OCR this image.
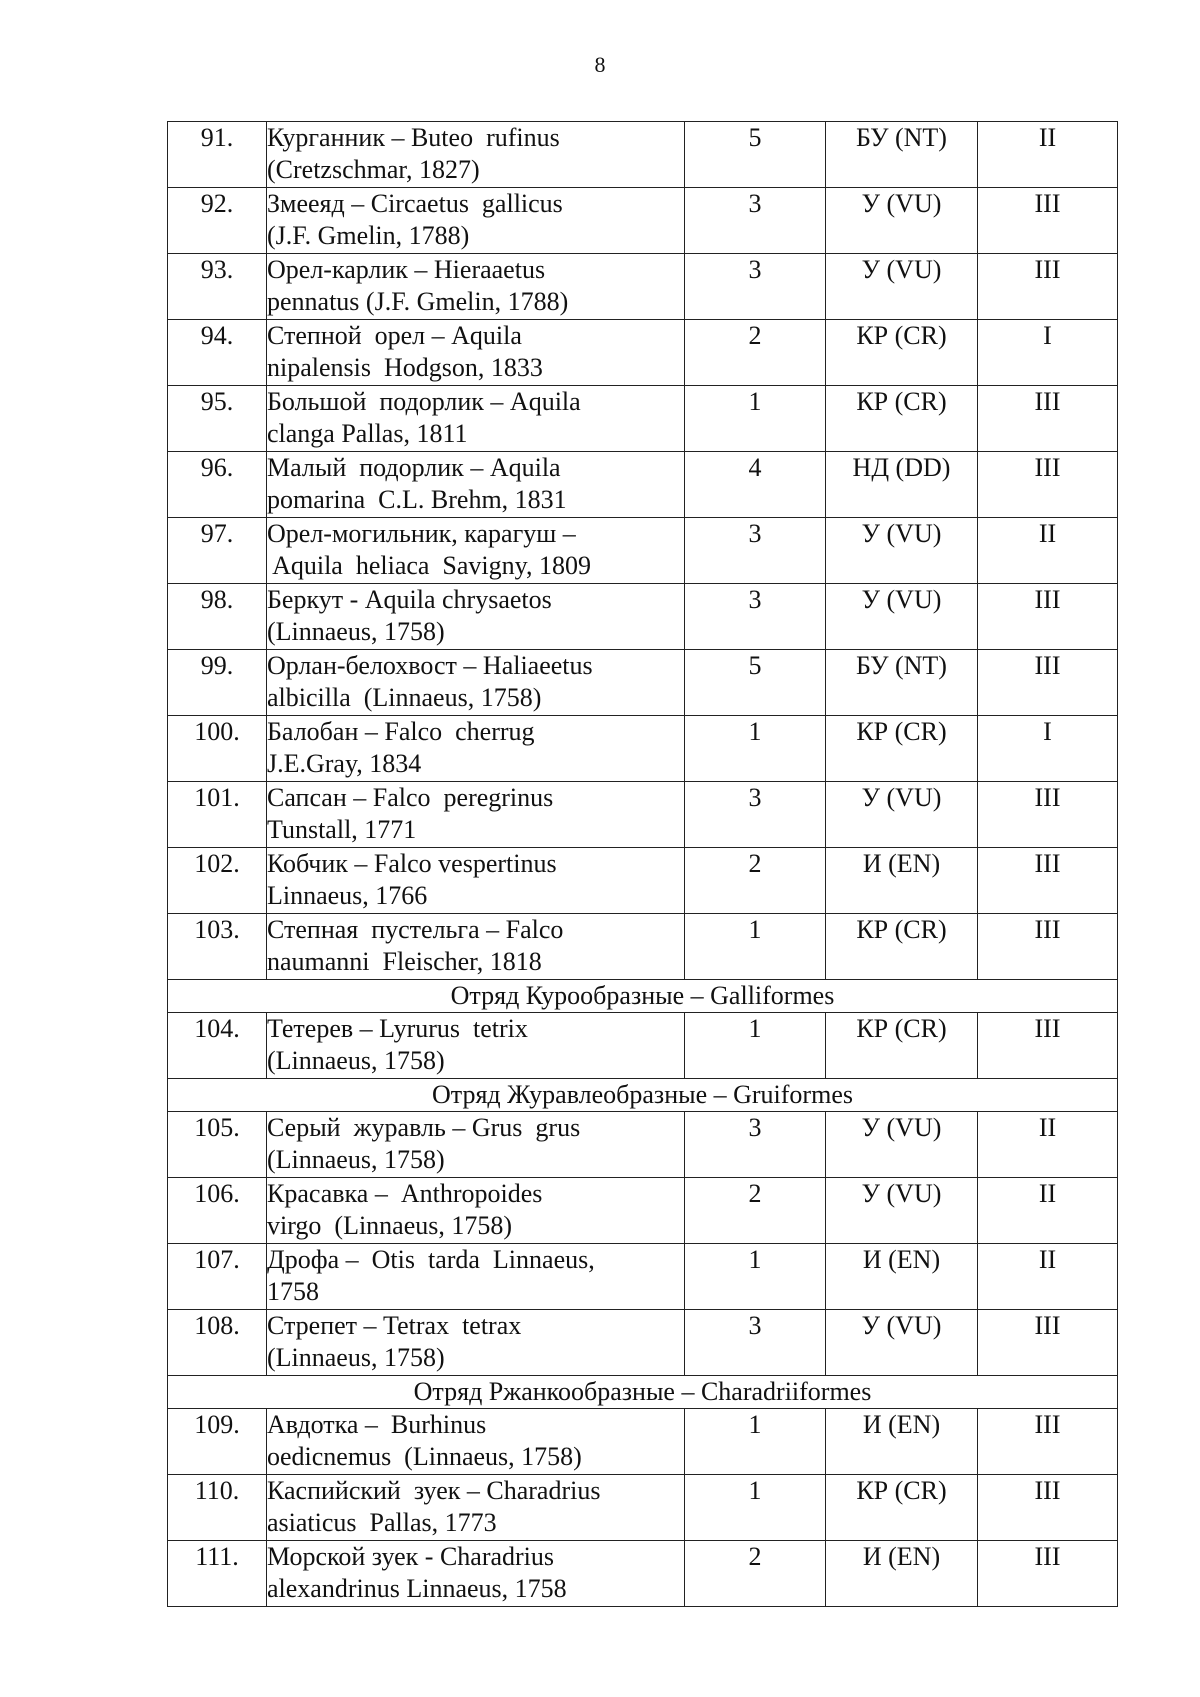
8
91.	Курганник – Buteo  rufinus
(Cretzschmar, 1827)	5	БУ (NT)	II
92.	Змееяд – Circaetus  gallicus
(J.F. Gmelin, 1788)	3	У (VU)	III
93.	Орел-карлик – Hieraaetus
pennatus (J.F. Gmelin, 1788)	3	У (VU)	III
94.	Степной  орел – Aquila
nipalensis  Hodgson, 1833	2	КР (CR)	I
95.	Большой  подорлик – Aquila
clanga Pallas, 1811	1	КР (CR)	III
96.	Малый  подорлик – Aquila
pomarina  C.L. Brehm, 1831	4	НД (DD)	III
97.	Орел-могильник, карагуш –
Aquila  heliaca  Savigny, 1809	3	У (VU)	II
98.	Беркут - Aquila chrysaetos
(Linnaeus, 1758)	3	У (VU)	III
99.	Орлан-белохвост – Haliaeetus
albicilla  (Linnaeus, 1758)	5	БУ (NT)	III
100.	Балобан – Falco  cherrug
J.E.Gray, 1834	1	КР (CR)	I
101.	Сапсан – Falco  peregrinus
Tunstall, 1771	3	У (VU)	III
102.	Кобчик – Falco vespertinus
Linnaeus, 1766	2	И (EN)	III
103.	Степная  пустельга – Falco
naumanni  Fleischer, 1818	1	КР (CR)	III
Отряд Курообразные – Galliformes				
104.	Тетерев – Lyrurus  tetrix
(Linnaeus, 1758)	1	КР (CR)	III
Отряд Журавлеобразные – Gruiformes				
105.	Серый  журавль – Grus  grus
(Linnaeus, 1758)	3	У (VU)	II
106.	Красавка –  Anthropoides
virgo  (Linnaeus, 1758)	2	У (VU)	II
107.	Дрофа –  Otis  tarda  Linnaeus,
1758	1	И (EN)	II
108.	Стрепет – Tetrax  tetrax
(Linnaeus, 1758)	3	У (VU)	III
Отряд Ржанкообразные – Charadriiformes				
109.	Авдотка –  Burhinus
oedicnemus  (Linnaeus, 1758)	1	И (EN)	III
110.	Каспийский  зуек – Charadrius
asiaticus  Pallas, 1773	1	КР (CR)	III
111.	Морской зуек - Charadrius
alexandrinus Linnaeus, 1758	2	И (EN)	III
